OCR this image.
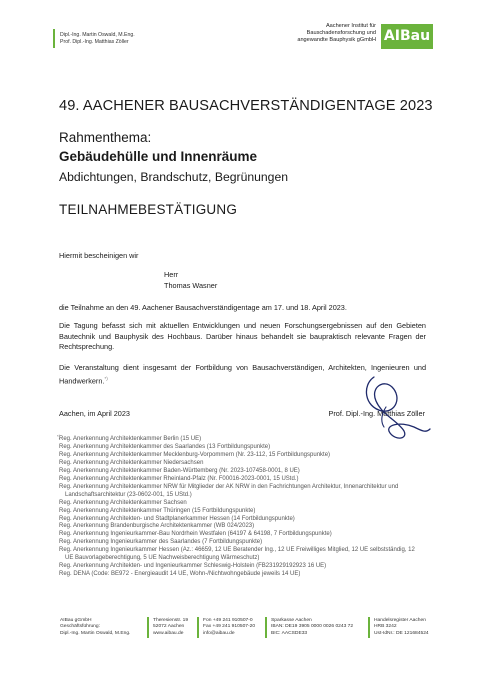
Dipl.-Ing. Martin Oswald, M.Eng.
Prof. Dipl.-Ing. Matthias Zöller
Aachener Institut für
Bauschadensforschung und
angewandte Bauphysik gGmbH AIBau
49. AACHENER BAUSACHVERSTÄNDIGENTAGE 2023
Rahmenthema:
Gebäudehülle und Innenräume
Abdichtungen, Brandschutz, Begrünungen
TEILNAHMEBESTÄTIGUNG
Hiermit bescheinigen wir
Herr
Thomas Wasner
die Teilnahme an den 49. Aachener Bausachverständigentage am 17. und 18. April 2023.
Die Tagung befasst sich mit aktuellen Entwicklungen und neuen Forschungsergebnissen auf den Gebieten Bautechnik und Bauphysik des Hochbaus. Darüber hinaus behandelt sie baupraktisch relevante Fragen der Rechtsprechung.
Die Veranstaltung dient insgesamt der Fortbildung von Bausachverständigen, Architekten, Ingenieuren und Handwerkern.*)
Aachen, im April 2023	Prof. Dipl.-Ing. Matthias Zöller
*)
Reg. Anerkennung Architektenkammer Berlin (15 UE)
Reg. Anerkennung Architektenkammer des Saarlandes (13 Fortbildungspunkte)
Reg. Anerkennung Architektenkammer Mecklenburg-Vorpommern (Nr. 23-112, 15 Fortbildungspunkte)
Reg. Anerkennung Architektenkammer Niedersachsen
Reg. Anerkennung Architektenkammer Baden-Württemberg (Nr. 2023-107458-0001, 8 UE)
Reg. Anerkennung Architektenkammer Rheinland-Pfalz (Nr. F00016-2023-0001, 15 UStd.)
Reg. Anerkennung Architektenkammer NRW für Mitglieder der AK NRW in den Fachrichtungen Architektur, Innenarchitektur und Landschaftsarchitektur (23-0602-001, 15 UStd.)
Reg. Anerkennung Architektenkammer Sachsen
Reg. Anerkennung Architektenkammer Thüringen (15 Fortbildungspunkte)
Reg. Anerkennung Architekten- und Stadtplanerkammer Hessen (14 Fortbildungspunkte)
Reg. Anerkennung Brandenburgische Architektenkammer (WB 024/2023)
Reg. Anerkennung Ingenieurkammer-Bau Nordrhein Westfalen (64197 & 64198, 7 Fortbildungspunkte)
Reg. Anerkennung Ingenieurkammer des Saarlandes (7 Fortbildungspunkte)
Reg. Anerkennung Ingenieurkammer Hessen (Az.: 46659, 12 UE Beratender Ing., 12 UE Freiwilliges Mitglied, 12 UE selbstständig, 12 UE Bauvorlageberechtigung, 5 UE Nachweisberechtigung Wärmeschutz)
Reg. Anerkennung Architekten- und Ingenieurkammer Schleswig-Holstein (FB231929192923 16 UE)
Reg. DENA (Code: BE972 - Energieaudit 14 UE, Wohn-/Nichtwohngebäude jeweils 14 UE)
AIBau gGmbH
Geschäftsführung:
Dipl.-Ing. Martin Oswald, M.Eng.
Theresienstr. 19
52072 Aachen
www.aibau.de
Fon +49 241 910507-0
Fax +49 241 910507-20
info@aibau.de
Sparkasse Aachen
IBAN: DE19 3905 0000 0026 0243 72
BIC: AACSDE33
Handelsregister Aachen
HRB 3242
Ust-IdNr.: DE 121684524
